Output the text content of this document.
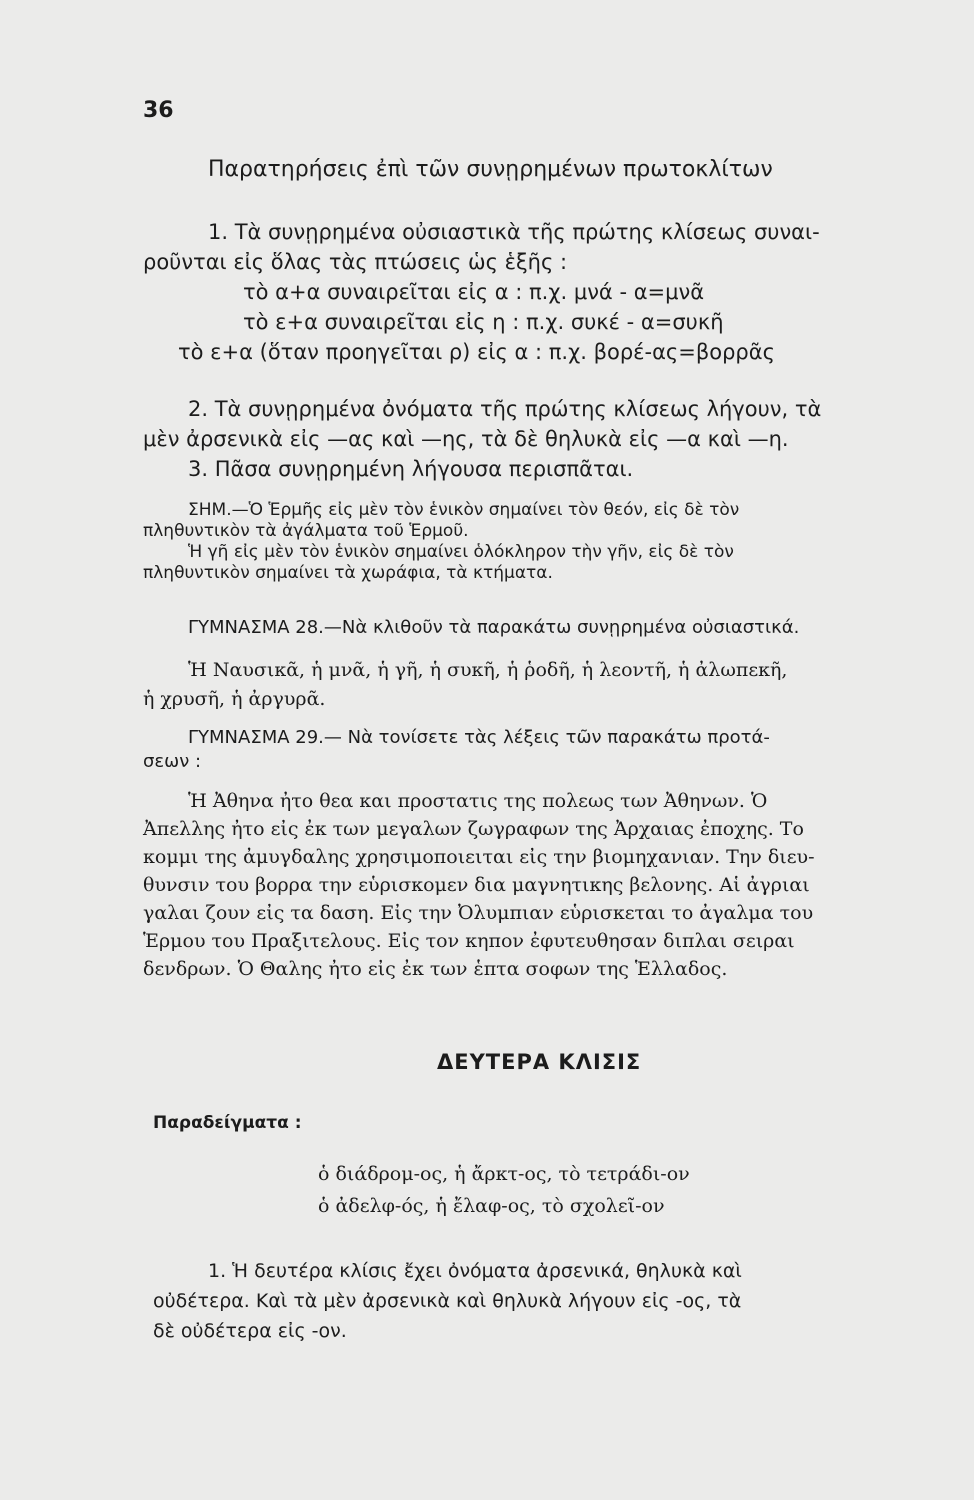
36
Παρατηρήσεις ἐπὶ τῶν συνῃρημένων πρωτοκλίτων
1. Τὰ συνῃρημένα οὐσιαστικὰ τῆς πρώτης κλίσεως συναι-
ροῦνται εἰς ὅλας τὰς πτώσεις ὡς ἑξῆς :
τὸ α+α συναιρεῖται εἰς α : π.χ. μνά - α=μνᾶ
τὸ ε+α συναιρεῖται εἰς η : π.χ. συκέ - α=συκῆ
τὸ ε+α (ὅταν προηγεῖται ρ) εἰς α : π.χ. βορέ-ας=βορρᾶς
2. Τὰ συνῃρημένα ὀνόματα τῆς πρώτης κλίσεως λήγουν, τὰ
μὲν ἀρσενικὰ εἰς —ας καὶ —ης, τὰ δὲ θηλυκὰ εἰς —α καὶ —η.
3. Πᾶσα συνῃρημένη λήγουσα περισπᾶται.
ΣΗΜ.—Ὁ Ἑρμῆς εἰς μὲν τὸν ἑνικὸν σημαίνει τὸν θεόν, εἰς δὲ τὸν
πληθυντικὸν τὰ ἀγάλματα τοῦ Ἑρμοῦ.
Ἡ γῆ εἰς μὲν τὸν ἑνικὸν σημαίνει ὁλόκληρον τὴν γῆν, εἰς δὲ τὸν
πληθυντικὸν σημαίνει τὰ χωράφια, τὰ κτήματα.
ΓΥΜΝΑΣΜΑ 28.—Νὰ κλιθοῦν τὰ παρακάτω συνῃρημένα οὐσιαστικά.
Ἡ Ναυσικᾶ, ἡ μνᾶ, ἡ γῆ, ἡ συκῆ, ἡ ῥοδῆ, ἡ λεοντῆ, ἡ ἀλωπεκῆ,
ἡ χρυσῆ, ἡ ἀργυρᾶ.
ΓΥΜΝΑΣΜΑ 29.— Νὰ τονίσετε τὰς λέξεις τῶν παρακάτω προτά-
σεων :
Ἡ Ἀθηνα ἠτο θεα και προστατις της πολεως των Ἀθηνων. Ὁ
Ἀπελλης ἠτο εἰς ἐκ των μεγαλων ζωγραφων της Ἀρχαιας ἐποχης. Το
κομμι της ἀμυγδαλης χρησιμοποιειται εἰς την βιομηχανιαν. Την διευ-
θυνσιν του βορρα την εὑρισκομεν δια μαγνητικης βελονης. Αἱ ἀγριαι
γαλαι ζουν εἰς τα δαση. Εἰς την Ὀλυμπιαν εὑρισκεται το ἀγαλμα του
Ἑρμου του Πραξιτελους. Εἰς τον κηπον ἐφυτευθησαν διπλαι σειραι
δενδρων. Ὁ Θαλης ἠτο εἰς ἐκ των ἑπτα σοφων της Ἑλλαδος.
ΔΕΥΤΕΡΑ ΚΛΙΣΙΣ
Παραδείγματα :
ὁ διάδρομ-ος, ἡ ἄρκτ-ος, τὸ τετράδι-ον
ὁ ἀδελφ-ός, ἡ ἔλαφ-ος, τὸ σχολεῖ-ον
1. Ἡ δευτέρα κλίσις ἔχει ὀνόματα ἀρσενικά, θηλυκὰ καὶ
οὐδέτερα. Καὶ τὰ μὲν ἀρσενικὰ καὶ θηλυκὰ λήγουν εἰς -ος, τὰ
δὲ οὐδέτερα εἰς -ον.
